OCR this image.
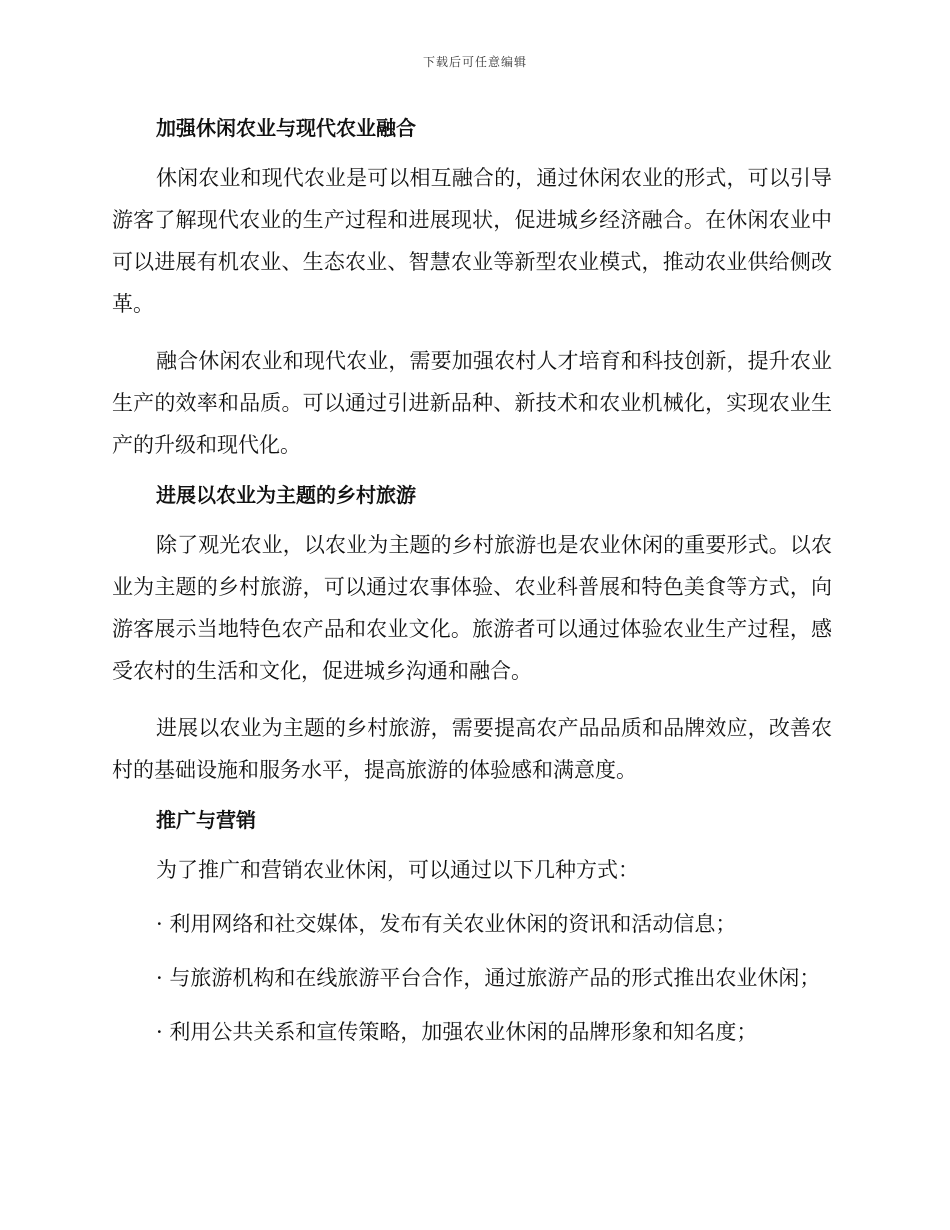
下载后可任意编辑
加强休闲农业与现代农业融合

休闲农业和现代农业是可以相互融合的，通过休闲农业的形式，可以引导游客了解现代农业的生产过程和进展现状，促进城乡经济融合。在休闲农业中可以进展有机农业、生态农业、智慧农业等新型农业模式，推动农业供给侧改革。

融合休闲农业和现代农业，需要加强农村人才培育和科技创新，提升农业生产的效率和品质。可以通过引进新品种、新技术和农业机械化，实现农业生产的升级和现代化。

进展以农业为主题的乡村旅游

除了观光农业，以农业为主题的乡村旅游也是农业休闲的重要形式。以农业为主题的乡村旅游，可以通过农事体验、农业科普展和特色美食等方式，向游客展示当地特色农产品和农业文化。旅游者可以通过体验农业生产过程，感受农村的生活和文化，促进城乡沟通和融合。

进展以农业为主题的乡村旅游，需要提高农产品品质和品牌效应，改善农村的基础设施和服务水平，提高旅游的体验感和满意度。

推广与营销

为了推广和营销农业休闲，可以通过以下几种方式：

· 利用网络和社交媒体，发布有关农业休闲的资讯和活动信息；

· 与旅游机构和在线旅游平台合作，通过旅游产品的形式推出农业休闲；

· 利用公共关系和宣传策略，加强农业休闲的品牌形象和知名度；
